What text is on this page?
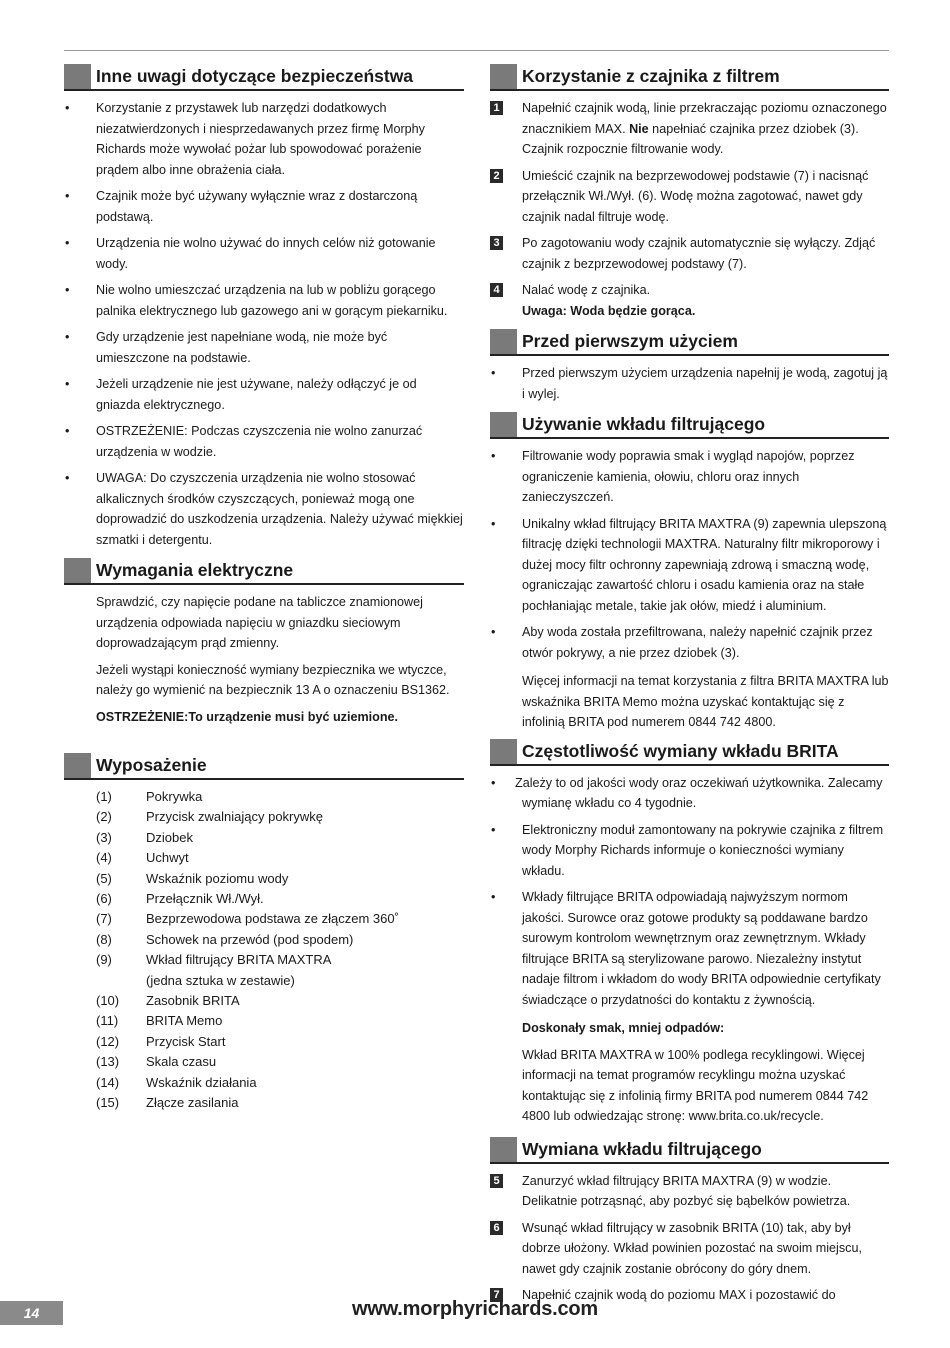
Inne uwagi dotyczące bezpieczeństwa
• Korzystanie z przystawek lub narzędzi dodatkowych niezatwierdzonych i niesprzedawanych przez firmę Morphy Richards może wywołać pożar lub spowodować porażenie prądem albo inne obrażenia ciała.
• Czajnik może być używany wyłącznie wraz z dostarczoną podstawą.
• Urządzenia nie wolno używać do innych celów niż gotowanie wody.
• Nie wolno umieszczać urządzenia na lub w pobliżu gorącego palnika elektrycznego lub gazowego ani w gorącym piekarniku.
• Gdy urządzenie jest napełniane wodą, nie może być umieszczone na podstawie.
• Jeżeli urządzenie nie jest używane, należy odłączyć je od gniazda elektrycznego.
• OSTRZEŻENIE: Podczas czyszczenia nie wolno zanurzać urządzenia w wodzie.
• UWAGA: Do czyszczenia urządzenia nie wolno stosować alkalicznych środków czyszczących, ponieważ mogą one doprowadzić do uszkodzenia urządzenia. Należy używać miękkiej szmatki i detergentu.
Wymagania elektryczne

Sprawdzić, czy napięcie podane na tabliczce znamionowej urządzenia odpowiada napięciu w gniazdku sieciowym doprowadzającym prąd zmienny.

Jeżeli wystąpi konieczność wymiany bezpiecznika we wtyczce, należy go wymienić na bezpiecznik 13 A o oznaczeniu BS1362.

OSTRZEŻENIE:To urządzenie musi być uziemione.

Wyposażenie
(1)	Pokrywka
(2)	Przycisk zwalniający pokrywkę
(3)	Dziobek
(4)	Uchwyt
(5)	Wskaźnik poziomu wody
(6)	Przełącznik Wł./Wył.
(7)	Bezprzewodowa podstawa ze złączem 360˚
(8)	Schowek na przewód (pod spodem)
(9)	Wkład filtrujący BRITA MAXTRA
(jedna sztuka w zestawie)
(10)	Zasobnik BRITA
(11)	BRITA Memo
(12)	Przycisk Start
(13)	Skala czasu
(14)	Wskaźnik działania
(15)	Złącze zasilania
Korzystanie z czajnika z filtrem
1 Napełnić czajnik wodą, linie przekraczając poziomu oznaczonego znacznikiem MAX. Nie napełniać czajnika przez dziobek (3). Czajnik rozpocznie filtrowanie wody.
2 Umieścić czajnik na bezprzewodowej podstawie (7) i nacisnąć przełącznik Wł./Wył. (6). Wodę można zagotować, nawet gdy czajnik nadal filtruje wodę.
3 Po zagotowaniu wody czajnik automatycznie się wyłączy. Zdjąć czajnik z bezprzewodowej podstawy (7).
4 Nalać wodę z czajnika.
Uwaga: Woda będzie gorąca.
Przed pierwszym użyciem
• Przed pierwszym użyciem urządzenia napełnij je wodą, zagotuj ją i wylej.
Używanie wkładu filtrującego
• Filtrowanie wody poprawia smak i wygląd napojów, poprzez ograniczenie kamienia, ołowiu, chloru oraz innych zanieczyszczeń.
• Unikalny wkład filtrujący BRITA MAXTRA (9) zapewnia ulepszoną filtrację dzięki technologii MAXTRA. Naturalny filtr mikroporowy i dużej mocy filtr ochronny zapewniają zdrową i smaczną wodę, ograniczając zawartość chloru i osadu kamienia oraz na stałe pochłaniając metale, takie jak ołów, miedź i aluminium.
• Aby woda została przefiltrowana, należy napełnić czajnik przez otwór pokrywy, a nie przez dziobek (3).

Więcej informacji na temat korzystania z filtra BRITA MAXTRA lub wskaźnika BRITA Memo można uzyskać kontaktując się z infolinią BRITA pod numerem 0844 742 4800.

Częstotliwość wymiany wkładu BRITA
• Zależy to od jakości wody oraz oczekiwań użytkownika. Zalecamy
wymianę wkładu co 4 tygodnie.
• Elektroniczny moduł zamontowany na pokrywie czajnika z filtrem wody Morphy Richards informuje o konieczności wymiany wkładu.
• Wkłady filtrujące BRITA odpowiadają najwyższym normom jakości. Surowce oraz gotowe produkty są poddawane bardzo surowym kontrolom wewnętrznym oraz zewnętrznym. Wkłady filtrujące BRITA są sterylizowane parowo. Niezależny instytut nadaje filtrom i wkładom do wody BRITA odpowiednie certyfikaty świadczące o przydatności do kontaktu z żywnością.

Doskonały smak, mniej odpadów:

Wkład BRITA MAXTRA w 100% podlega recyklingowi. Więcej informacji na temat programów recyklingu można uzyskać kontaktując się z infolinią firmy BRITA pod numerem 0844 742 4800 lub odwiedzając stronę: www.brita.co.uk/recycle.

Wymiana wkładu filtrującego
5 Zanurzyć wkład filtrujący BRITA MAXTRA (9) w wodzie. Delikatnie potrząsnąć, aby pozbyć się bąbelków powietrza.
6 Wsunąć wkład filtrujący w zasobnik BRITA (10) tak, aby był dobrze ułożony. Wkład powinien pozostać na swoim miejscu, nawet gdy czajnik zostanie obrócony do góry dnem.
7 Napełnić czajnik wodą do poziomu MAX i pozostawić do
14	www.morphyrichards.com
